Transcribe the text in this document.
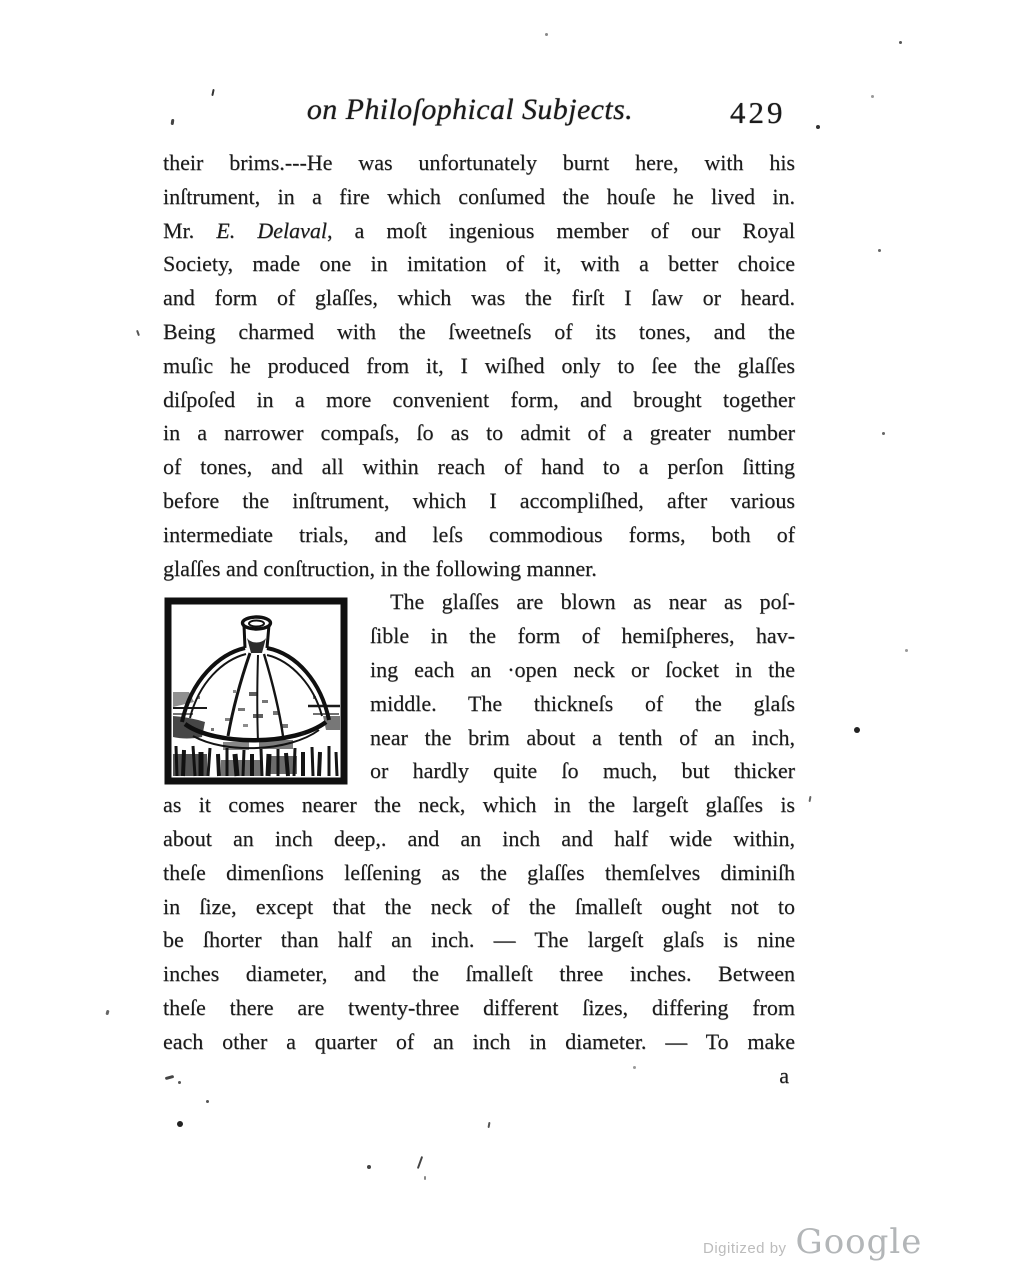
on Philoſophical Subjects.	429
their brims.---He was unfortunately burnt here, with his
inſtrument, in a fire which conſumed the houſe he lived in.
Mr. E. Delaval, a moſt ingenious member of our Royal
Society, made one in imitation of it, with a better choice
and form of glaſſes, which was the firſt I ſaw or heard.
Being charmed with the ſweetneſs of its tones, and the
muſic he produced from it, I wiſhed only to ſee the glaſſes
diſpoſed in a more convenient form, and brought together
in a narrower compaſs, ſo as to admit of a greater number
of tones, and all within reach of hand to a perſon ſitting
before the inſtrument, which I accompliſhed, after various
intermediate trials, and leſs commodious forms, both of
glaſſes and conſtruction, in the following manner.
The glaſſes are blown as near as poſ-
ſible in the form of hemiſpheres, hav-
ing each an ·open neck or ſocket in the
middle. The thickneſs of the glaſs
near the brim about a tenth of an inch,
or hardly quite ſo much, but thicker
as it comes nearer the neck, which in the largeſt glaſſes is
about an inch deep,. and an inch and half wide within,
theſe dimenſions leſſening as the glaſſes themſelves diminiſh
in ſize, except that the neck of the ſmalleſt ought not to
be ſhorter than half an inch. — The largeſt glaſs is nine
inches diameter, and the ſmalleſt three inches. Between
theſe there are twenty-three different ſizes, differing from
each other a quarter of an inch in diameter. — To make
a
Digitized by Google
